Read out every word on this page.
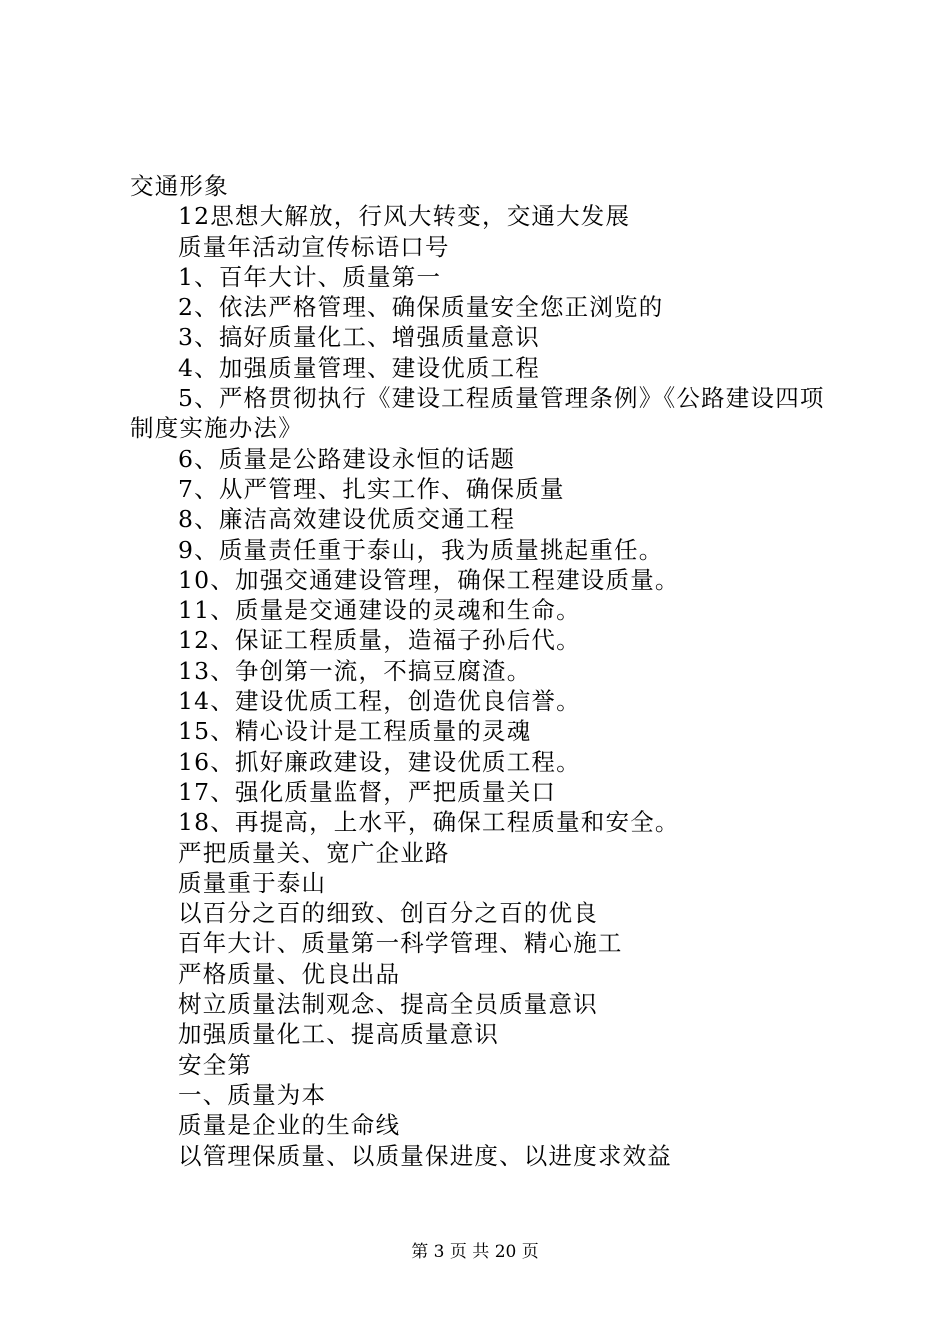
交通形象
12思想大解放，行风大转变，交通大发展
质量年活动宣传标语口号
1、百年大计、质量第一
2、依法严格管理、确保质量安全您正浏览的
3、搞好质量化工、增强质量意识
4、加强质量管理、建设优质工程
5、严格贯彻执行《建设工程质量管理条例》《公路建设四项制度实施办法》
6、质量是公路建设永恒的话题
7、从严管理、扎实工作、确保质量
8、廉洁高效建设优质交通工程
9、质量责任重于泰山，我为质量挑起重任。
10、加强交通建设管理，确保工程建设质量。
11、质量是交通建设的灵魂和生命。
12、保证工程质量，造福子孙后代。
13、争创第一流，不搞豆腐渣。
14、建设优质工程，创造优良信誉。
15、精心设计是工程质量的灵魂
16、抓好廉政建设，建设优质工程。
17、强化质量监督，严把质量关口
18、再提高，上水平，确保工程质量和安全。
严把质量关、宽广企业路
质量重于泰山
以百分之百的细致、创百分之百的优良
百年大计、质量第一科学管理、精心施工
严格质量、优良出品
树立质量法制观念、提高全员质量意识
加强质量化工、提高质量意识
安全第
一、质量为本
质量是企业的生命线
以管理保质量、以质量保进度、以进度求效益
第 3 页 共 20 页
